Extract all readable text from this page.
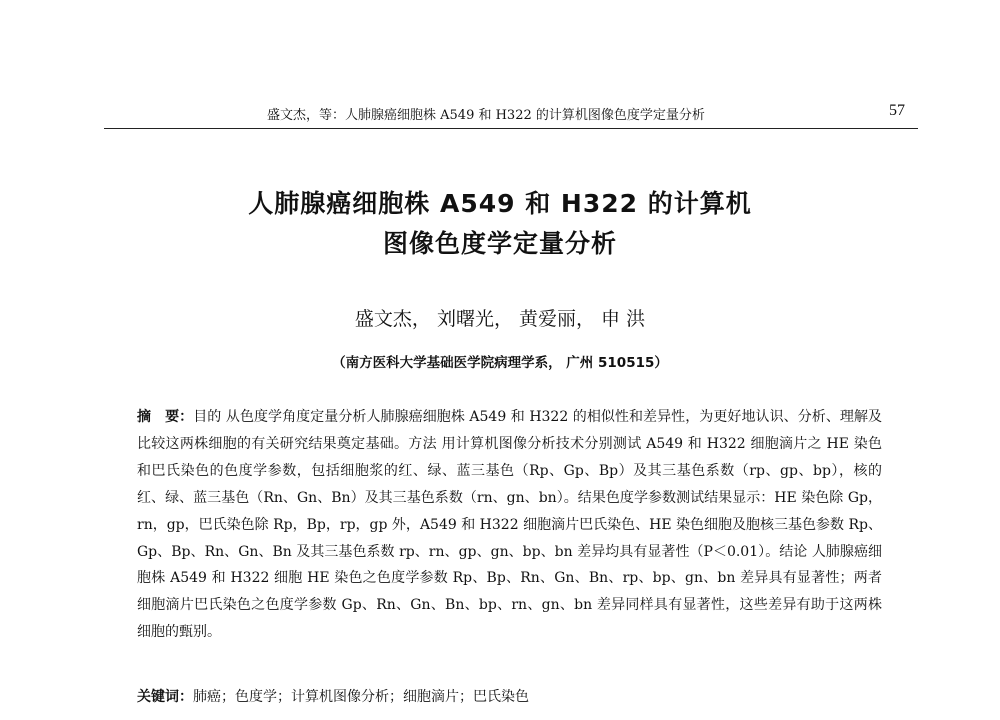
盛文杰，等：人肺腺癌细胞株 A549 和 H322 的计算机图像色度学定量分析	57
人肺腺癌细胞株 A549 和 H322 的计算机
图像色度学定量分析
盛文杰， 刘曙光， 黄爱丽， 申 洪
（南方医科大学基础医学院病理学系， 广州 510515）
摘　要：目的 从色度学角度定量分析人肺腺癌细胞株 A549 和 H322 的相似性和差异性，为更好地认识、分析、理解及比较这两株细胞的有关研究结果奠定基础。方法 用计算机图像分析技术分别测试 A549 和 H322 细胞滴片之 HE 染色和巴氏染色的色度学参数，包括细胞浆的红、绿、蓝三基色（Rp、Gp、Bp）及其三基色系数（rp、gp、bp），核的红、绿、蓝三基色（Rn、Gn、Bn）及其三基色系数（rn、gn、bn）。结果色度学参数测试结果显示：HE 染色除 Gp，rn，gp，巴氏染色除 Rp，Bp，rp，gp 外，A549 和 H322 细胞滴片巴氏染色、HE 染色细胞及胞核三基色参数 Rp、Gp、Bp、Rn、Gn、Bn 及其三基色系数 rp、rn、gp、gn、bp、bn 差异均具有显著性（P＜0.01）。结论 人肺腺癌细胞株 A549 和 H322 细胞 HE 染色之色度学参数 Rp、Bp、Rn、Gn、Bn、rp、bp、gn、bn 差异具有显著性；两者细胞滴片巴氏染色之色度学参数 Gp、Rn、Gn、Bn、bp、rn、gn、bn 差异同样具有显著性，这些差异有助于这两株细胞的甄别。
关键词：肺癌；色度学；计算机图像分析；细胞滴片；巴氏染色
